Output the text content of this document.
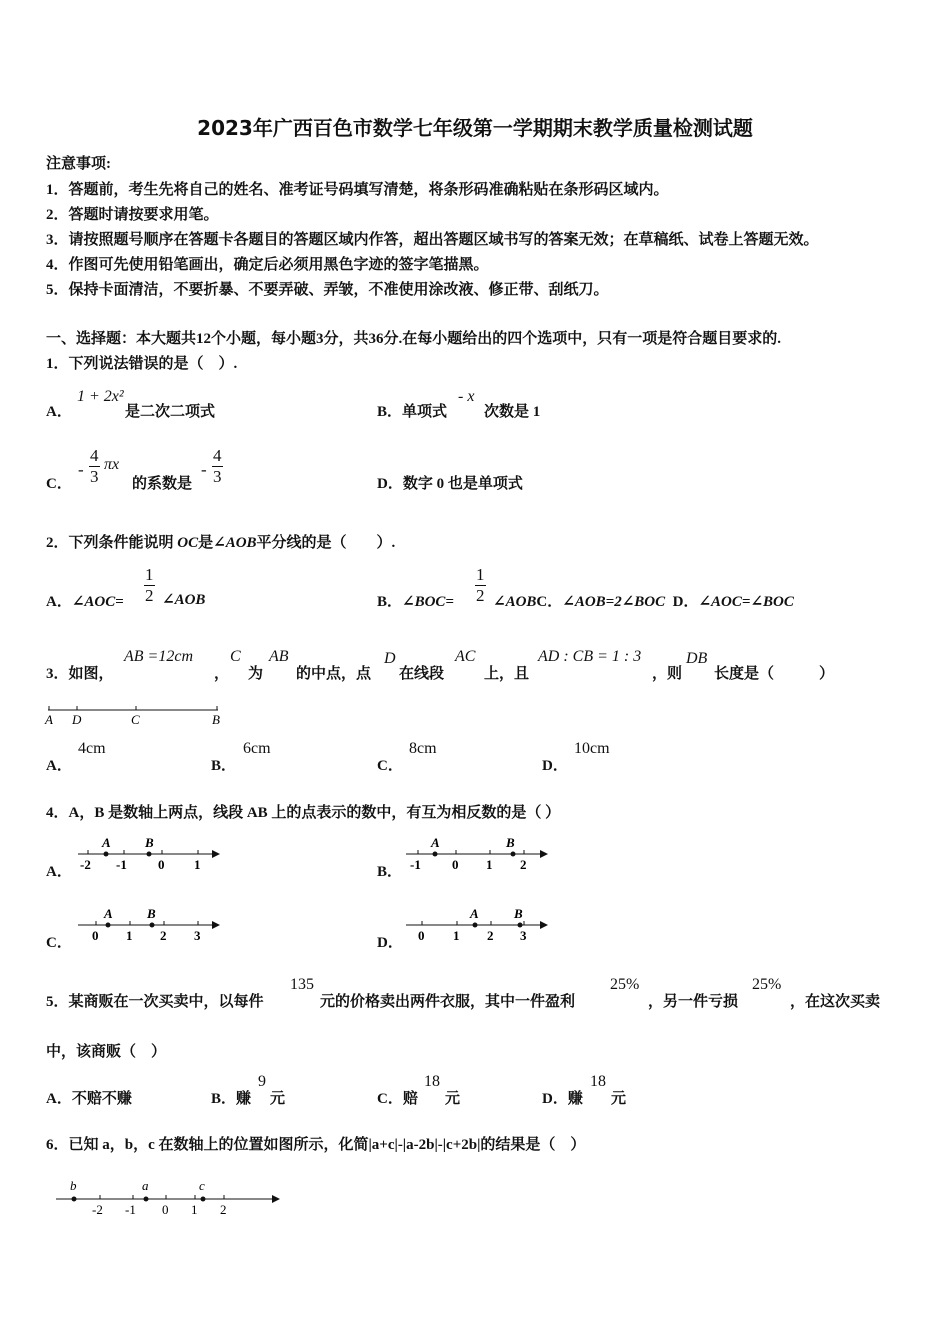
2023年广西百色市数学七年级第一学期期末教学质量检测试题
注意事项:
1．答题前，考生先将自己的姓名、准考证号码填写清楚，将条形码准确粘贴在条形码区域内。
2．答题时请按要求用笔。
3．请按照题号顺序在答题卡各题目的答题区域内作答，超出答题区域书写的答案无效；在草稿纸、试卷上答题无效。
4．作图可先使用铅笔画出，确定后必须用黑色字迹的签字笔描黑。
5．保持卡面清洁，不要折暴、不要弄破、弄皱，不准使用涂改液、修正带、刮纸刀。
一、选择题：本大题共12个小题，每小题3分，共36分.在每小题给出的四个选项中，只有一项是符合题目要求的.
1．下列说法错误的是（　）.
A．
1 + 2x²
是二次二项式	B．单项式
- x
次数是 1
C．
- $\frac{4}{3}$ πx
的系数是
- $\frac{4}{3}$	D．数字 0 也是单项式
2．下列条件能说明 OC是∠AOB平分线的是（　　）.
A．∠AOC= $\frac{1}{2}$ ∠AOB	B．∠BOC= $\frac{1}{2}$ ∠AOBC．∠AOB=2∠BOC D．∠AOC=∠BOC
3．如图，
AB =12cm
，
C
为
AB
的中点，点
D
在线段
AC
上，且
AD : CB = 1 : 3
，则
DB
长度是（　　　）
A D	C	B
A．
4cm
B．
6cm
C．
8cm
D．
10cm
4．A，B 是数轴上两点，线段 AB 上的点表示的数中，有互为相反数的是（ ）
A．
A	B
-2 -1 0 1	B．
A	B
-1 0 1 2
C．
A	B
0 1 2 3	D．
A	B
0 1 2 3
5．某商贩在一次买卖中，以每件
135
元的价格卖出两件衣服，其中一件盈利
25%
，另一件亏损
25%
，在这次买卖
中，该商贩（　）
A．不赔不赚	B．赚
9
元	C．赔
18
元	D．赚
18
元
6．已知 a，b，c 在数轴上的位置如图所示，化简|a+c|-|a-2b|-|c+2b|的结果是（　）
b	a	c
-2 -1 0 1 2
